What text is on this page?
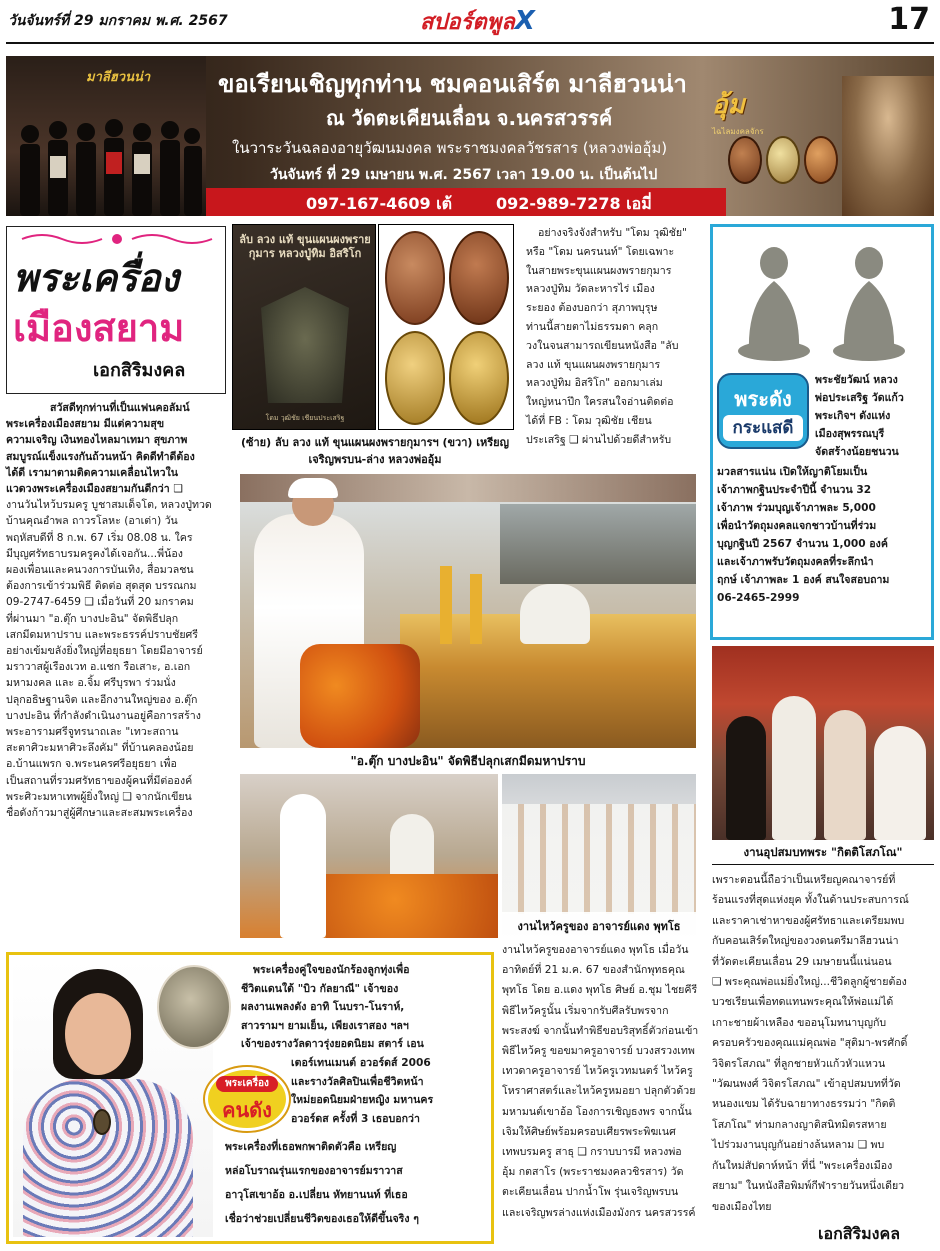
วันจันทร์ที่ 29 มกราคม พ.ศ. 2567	สปอร์ตพูลX	17
มาลีฮวนน่า	ขอเรียนเชิญทุกท่าน ชมคอนเสิร์ต มาลีฮวนน่า
ณ วัดตะเคียนเลื่อน จ.นครสวรรค์
ในวาระวันฉลองอายุวัฒนมงคล พระราชมงคลวัชรสาร (หลวงพ่ออุ้ม)
วันจันทร์ ที่ 29 เมษายน พ.ศ. 2567 เวลา 19.00 น. เป็นต้นไป
097-167-4609 เต้	092-989-7278 เอมี่
อุ้ม
ไฉไลมงคลจักร
พระเครื่อง
เมืองสยาม
เอกสิริมงคล

สวัสดีทุกท่านที่เป็นแฟนคอลัมน์

พระเครื่องเมืองสยาม มีแต่ความสุข

ความเจริญ เงินทองไหลมาเทมา สุขภาพ

สมบูรณ์แข็งแรงกันถ้วนหน้า คิดดีทำดีต้อง

ได้ดี เรามาตามติดความเคลื่อนไหวใน

แวดวงพระเครื่องเมืองสยามกันดีกว่า ❑

งานวันไหว้บรมครู บูชาสมเด็จโต, หลวงปู่ทวด

บ้านคุณอำพล ถาวรโลหะ (อาเต่า) วัน

พฤหัสบดีที่ 8 ก.พ. 67 เริ่ม 08.08 น. ใคร

มีบุญศรัทธาบรมครูคงได้เจอกัน...พี่น้อง

ผองเพื่อนและคนวงการบันเทิง, สื่อมวลชน

ต้องการเข้าร่วมพิธี ติดต่อ สุดสุด บรรณกม

09-2747-6459 ❑ เมื่อวันที่ 20 มกราคม

ที่ผ่านมา "อ.ตุ๊ก บางปะอิน" จัดพิธีปลุก

เสกมีดมหาปราบ และพระธรรค์ปราบชัยศรี

อย่างเข้มขลังยิ่งใหญ่ที่อยุธยา โดยมีอาจารย์

มราวาสผู้เรืองเวท อ.แชก รือเสาะ, อ.เอก

มหามงคล และ อ.จิ้ม ศรีบุรพา ร่วมนั่ง

ปลุกอธิษฐานจิต และอีกงานใหญ่ของ อ.ตุ๊ก

บางปะอิน ที่กำลังดำเนินงานอยู่คือการสร้าง

พระอารามศรีจูทรนาถเละ "เทวะสถาน

สะตาศิวะมหาศิวะลึงคัม" ที่บ้านคลองน้อย

อ.บ้านแพรก จ.พระนครศรีอยุธยา เพื่อ

เป็นสถานที่รวมศรัทธาของผู้คนที่มีต่อองค์

พระศิวะมหาเทพผู้ยิ่งใหญ่ ❑ จากนักเขียน

ชื่อดังก้าวมาสู่ผู้ศึกษาและสะสมพระเครื่อง

ลับ ลวง แท้ ขุนแผนผงพรายกุมาร หลวงปู่ทิม อิสริโก
โดม วุฒิชัย เชียนประเสริฐ
(ซ้าย) ลับ ลวง แท้ ขุนแผนผงพรายกุมารฯ (ขวา) เหรียญเจริญพรบน-ล่าง หลวงพ่ออุ้ม

อย่างจริงจังสำหรับ "โดม วุฒิชัย"

หรือ "โดม นครนนท์" โดยเฉพาะ

ในสายพระขุนแผนผงพรายกุมาร

หลวงปู่ทิม วัดละหารไร่ เมือง

ระยอง ต้องบอกว่า สุภาพบุรุษ

ท่านนี้สายตาไม่ธรรมดา คลุก

วงในจนสามารถเขียนหนังสือ "ลับ

ลวง แท้ ขุนแผนผงพรายกุมาร

หลวงปู่ทิม อิสริโก" ออกมาเล่ม

ใหญ่หนาปึก ใครสนใจอ่านติดต่อ

ได้ที่ FB : โดม วุฒิชัย เชียน

ประเสริฐ ❑ ผ่านไปด้วยดีสำหรับ

พระดัง
กระแสดี

พระชัยวัฒน์ หลวง

พ่อประเสริฐ วัดแก้ว

พระเกิจฯ ดังแห่ง

เมืองสุพรรณบุรี

จัดสร้างน้อยชนวน

มวลสารแน่น เปิดให้ญาติโยมเป็น

เจ้าภาพกฐินประจำปีนี้ จำนวน 32

เจ้าภาพ ร่วมบุญเจ้าภาพละ 5,000

เพื่อนำวัตถุมงคลแจกชาวบ้านที่ร่วม

บุญกฐินปี 2567 จำนวน 1,000 องค์

และเจ้าภาพรับวัตถุมงคลที่ระลึกนำ

ฤกษ์ เจ้าภาพละ 1 องค์ สนใจสอบถาม

06-2465-2999

"อ.ตุ๊ก บางปะอิน" จัดพิธีปลุกเสกมีดมหาปราบ
งานอุปสมบทพระ "กิตติโสภโณ"
งานไหว้ครูของ อาจารย์แดง พุทโธ

งานไหว้ครูของอาจารย์แดง พุทโธ เมื่อวัน

อาทิตย์ที่ 21 ม.ค. 67 ของสำนักพุทธคุณ

พุทโธ โดย อ.แดง พุทโธ ศิษย์ อ.ชุม ไชยคีรี

พิธีไหว้ครูนั้น เริ่มจากรับศีลรับพรจาก

พระสงฆ์ จากนั้นทำพิธีขอบริสุทธิ์ตัวก่อนเข้า

พิธีไหว้ครู ขอขมาครูอาจารย์ บวงสรวงเทพ

เทวดาครูอาจารย์ ไหว้ครูเวทมนตร์ ไหว้ครู

โหราศาสตร์และไหว้ครูหมอยา ปลุกตัวด้วย

มหามนต์เขาอ้อ โองการเชิญธงพร จากนั้น

เจิมให้ศิษย์พร้อมครอบเศียรพระพิฆเนศ

เทพบรมครู สาธุ ❑ กราบบารมี หลวงพ่อ

อุ้ม กตสาโร (พระราชมงคลวชิรสาร) วัด

ตะเคียนเลื่อน ปากน้ำโพ รุ่นเจริญพรบน

และเจริญพรล่างแห่งเมืองมังกร นครสวรรค์

เพราะตอนนี้ถือว่าเป็นเหรียญคณาจารย์ที่

ร้อนแรงที่สุดแห่งยุค ทั้งในด้านประสบการณ์

และราคาเช่าหาของผู้ศรัทธาและเตรียมพบ

กับคอนเสิร์ตใหญ่ของวงดนตรีมาลีฮวนน่า

ที่วัดตะเคียนเลื่อน 29 เมษายนนี้แน่นอน

❑ พระคุณพ่อแม่ยิ่งใหญ่...ชีวิตลูกผู้ชายต้อง

บวชเรียนเพื่อทดแทนพระคุณให้พ่อแม่ได้

เกาะชายผ้าเหลือง ขออนุโมทนาบุญกับ

ครอบครัวของคุณแม่คุณพ่อ "สุติมา-พรศักดิ์

วิจิตรโสภณ" ที่ลูกชายหัวแก้วหัวแหวน

"วัฒนพงศ์ วิจิตรโสภณ" เข้าอุปสมบทที่วัด

หนองแขม ได้รับฉายาทางธรรมว่า "กิตติ

โสภโณ" ท่ามกลางญาติสนิทมิตรสหาย

ไปร่วมงานบุญกันอย่างล้นหลาม ❑ พบ

กันใหม่สัปดาห์หน้า ที่นี่ "พระเครื่องเมือง

สยาม" ในหนังสือพิมพ์กีฬารายวันหนึ่งเดียว

ของเมืองไทย

เอกสิริมงคล
พระเครื่อง
คนดัง

พระเครื่องคู่ใจของนักร้องลูกทุ่งเพื่อ

ชีวิตแดนใต้ "บิว กัลยาณี" เจ้าของ

ผลงานเพลงดัง อาทิ โนบรา-โนราห์,

สาวรามฯ ยามเย็น, เพียงเราสอง ฯลฯ

เจ้าของรางวัลดาวรุ่งยอดนิยม สตาร์ เอน

เตอร์เทนเมนต์ อวอร์ดส์ 2006

และรางวัลศิลปินเพื่อชีวิตหน้า

ใหม่ยอดนิยมฝ่ายหญิง มหานคร

อวอร์ดส ครั้งที่ 3 เธอบอกว่า

พระเครื่องที่เธอพกพาติดตัวคือ เหรียญ

หล่อโบราณรุ่นแรกของอาจารย์มราวาส

อาวุโสเขาอ้อ อ.เปลี่ยน หัทยานนท์ ที่เธอ

เชื่อว่าช่วยเปลี่ยนชีวิตของเธอให้ดีขึ้นจริง ๆ
